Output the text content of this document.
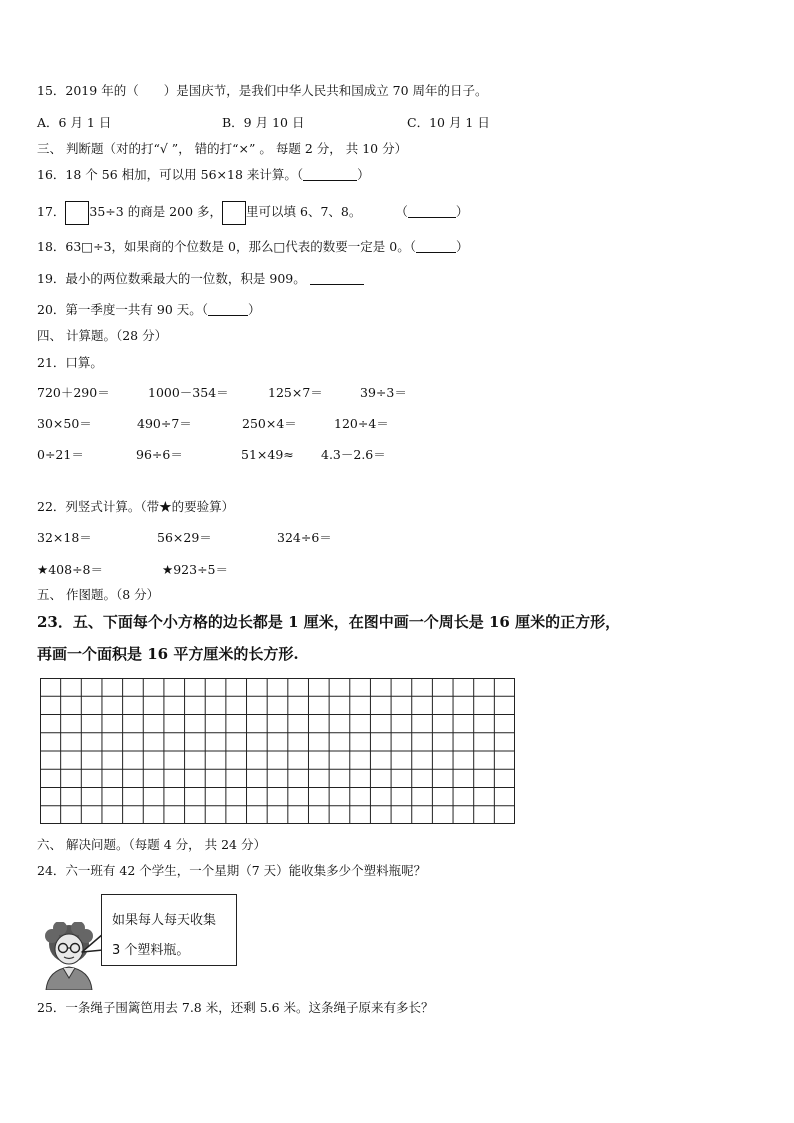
15．2019 年的（　　）是国庆节，是我们中华人民共和国成立 70 周年的日子。
A．6 月 1 日	B．9 月 10 日	C．10 月 1 日
三、 判断题（对的打“√ ”， 错的打“×” 。 每题 2 分， 共 10 分）
16．18 个 56 相加，可以用 56×18 来计算。（	）
17． 35÷3 的商是 200 多， 里可以填 6、7、8。	（	）
18．63□÷3，如果商的个位数是 0，那么□代表的数要一定是 0。（	）
19．最小的两位数乘最大的一位数，积是 909。
20．第一季度一共有 90 天。（	）
四、 计算题。（28 分）
21．口算。
720＋290＝	1000－354＝	125×7＝	39÷3＝
30×50＝	490÷7＝	250×4＝	120÷4＝
0÷21＝	96÷6＝	51×49≈ 4.3－2.6＝
22．列竖式计算。（带★的要验算）
32×18＝	56×29＝	324÷6＝
★408÷8＝	★923÷5＝
五、 作图题。（8 分）
23．五、下面每个小方格的边长都是 1 厘米，在图中画一个周长是 16 厘米的正方形，
再画一个面积是 16 平方厘米的长方形.
六、 解决问题。（每题 4 分， 共 24 分）
24．六一班有 42 个学生，一个星期（7 天）能收集多少个塑料瓶呢？
如果每人每天收集
3 个塑料瓶。
25．一条绳子围篱笆用去 7.8 米，还剩 5.6 米。这条绳子原来有多长？
